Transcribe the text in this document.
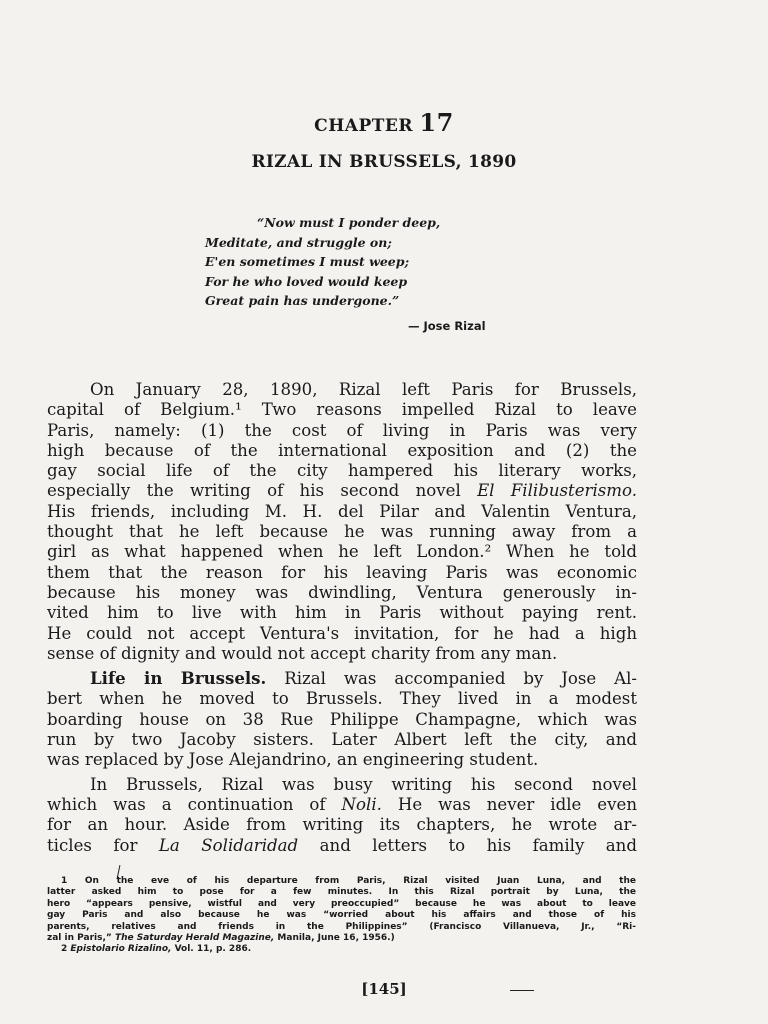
CHAPTER 17
RIZAL IN BRUSSELS, 1890
“Now must I ponder deep,
Meditate, and struggle on;
E'en sometimes I must weep;
For he who loved would keep
Great pain has undergone.”
— Jose Rizal
On January 28, 1890, Rizal left Paris for Brussels,
capital of Belgium.¹ Two reasons impelled Rizal to leave
Paris, namely: (1) the cost of living in Paris was very
high because of the international exposition and (2) the
gay social life of the city hampered his literary works,
especially the writing of his second novel El Filibusterismo.
His friends, including M. H. del Pilar and Valentin Ventura,
thought that he left because he was running away from a
girl as what happened when he left London.² When he told
them that the reason for his leaving Paris was economic
because his money was dwindling, Ventura generously in-
vited him to live with him in Paris without paying rent.
He could not accept Ventura's invitation, for he had a high
sense of dignity and would not accept charity from any man.
Life in Brussels. Rizal was accompanied by Jose Al-
bert when he moved to Brussels. They lived in a modest
boarding house on 38 Rue Philippe Champagne, which was
run by two Jacoby sisters. Later Albert left the city, and
was replaced by Jose Alejandrino, an engineering student.
In Brussels, Rizal was busy writing his second novel
which was a continuation of Noli. He was never idle even
for an hour. Aside from writing its chapters, he wrote ar-
ticles for La Solidaridad and letters to his family and
1 On the eve of his departure from Paris, Rizal visited Juan Luna, and the
latter asked him to pose for a few minutes. In this Rizal portrait by Luna, the
hero “appears pensive, wistful and very preoccupied” because he was about to leave
gay Paris and also because he was “worried about his affairs and those of his
parents, relatives and friends in the Philippines” (Francisco Villanueva, Jr., “Ri-
zal in Paris,” The Saturday Herald Magazine, Manila, June 16, 1956.)
2 Epistolario Rizalino, Vol. 11, p. 286.
[145]
